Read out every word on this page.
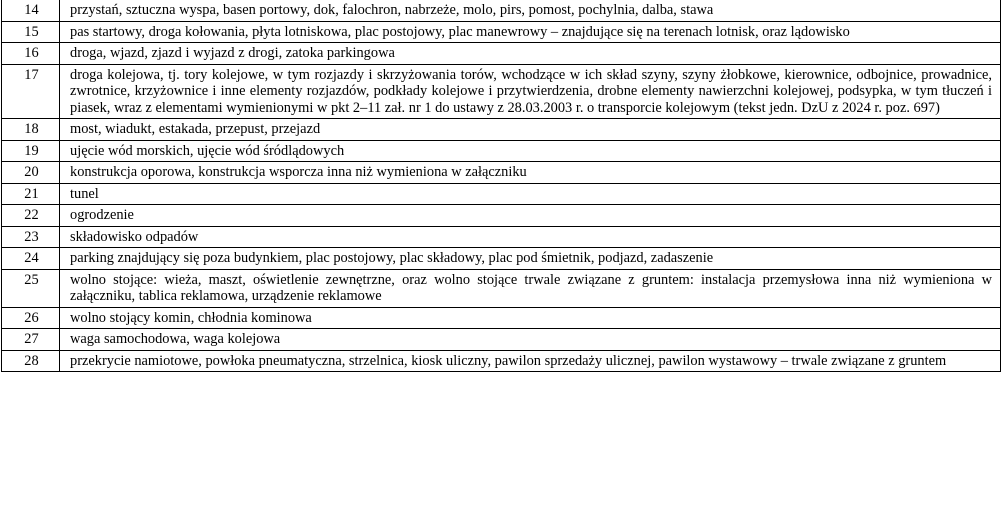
14	przystań, sztuczna wyspa, basen portowy, dok, falochron, nabrzeże, molo, pirs, pomost, pochylnia, dalba, stawa
15	pas startowy, droga kołowania, płyta lotniskowa, plac postojowy, plac manewrowy – znajdujące się na terenach lotnisk, oraz lądowisko
16	droga, wjazd, zjazd i wyjazd z drogi, zatoka parkingowa
17	droga kolejowa, tj. tory kolejowe, w tym rozjazdy i skrzyżowania torów, wchodzące w ich skład szyny, szyny żłobkowe, kierownice, odbojnice, prowadnice, zwrotnice, krzyżownice i inne elementy rozjazdów, podkłady kolejowe i przytwierdzenia, drobne elementy nawierzchni kolejowej, podsypka, w tym tłuczeń i piasek, wraz z elementami wymienionymi w pkt 2–11 zał. nr 1 do ustawy z 28.03.2003 r. o transporcie kolejowym (tekst jedn. DzU z 2024 r. poz. 697)
18	most, wiadukt, estakada, przepust, przejazd
19	ujęcie wód morskich, ujęcie wód śródlądowych
20	konstrukcja oporowa, konstrukcja wsporcza inna niż wymieniona w załączniku
21	tunel
22	ogrodzenie
23	składowisko odpadów
24	parking znajdujący się poza budynkiem, plac postojowy, plac składowy, plac pod śmietnik, podjazd, zadaszenie
25	wolno stojące: wieża, maszt, oświetlenie zewnętrzne, oraz wolno stojące trwale związane z gruntem: instalacja przemysłowa inna niż wymieniona w załączniku, tablica reklamowa, urządzenie reklamowe
26	wolno stojący komin, chłodnia kominowa
27	waga samochodowa, waga kolejowa
28	przekrycie namiotowe, powłoka pneumatyczna, strzelnica, kiosk uliczny, pawilon sprzedaży ulicznej, pawilon wystawowy – trwale związane z gruntem
